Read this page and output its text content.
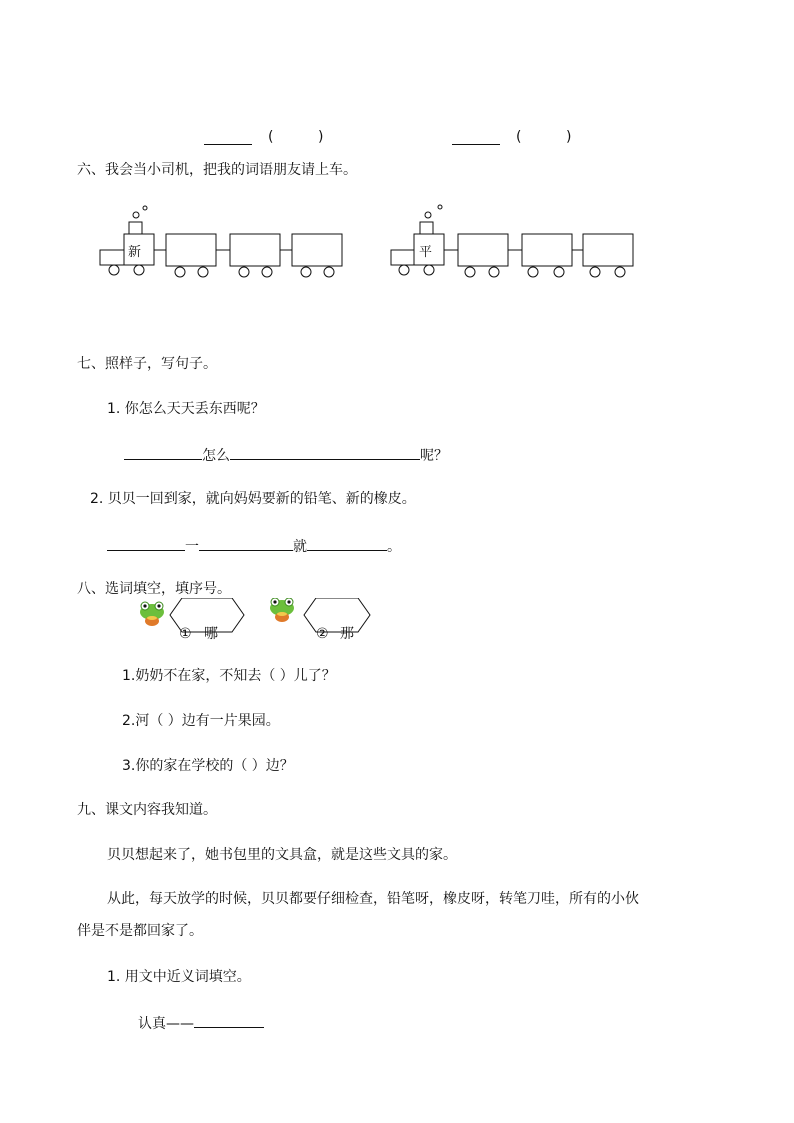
(	)	(	)
六、我会当小司机，把我的词语朋友请上车。
新	平
七、照样子，写句子。
1. 你怎么天天丢东西呢？
怎么	呢？
2. 贝贝一回到家，就向妈妈要新的铅笔、新的橡皮。
一	就	。
八、选词填空，填序号。
① 哪	② 那
1.奶奶不在家，不知去（ ）儿了？
2.河（ ）边有一片果园。
3.你的家在学校的（ ）边？
九、课文内容我知道。
贝贝想起来了，她书包里的文具盒，就是这些文具的家。
从此，每天放学的时候，贝贝都要仔细检查，铅笔呀，橡皮呀，转笔刀哇，所有的小伙
伴是不是都回家了。
1. 用文中近义词填空。
认真——
